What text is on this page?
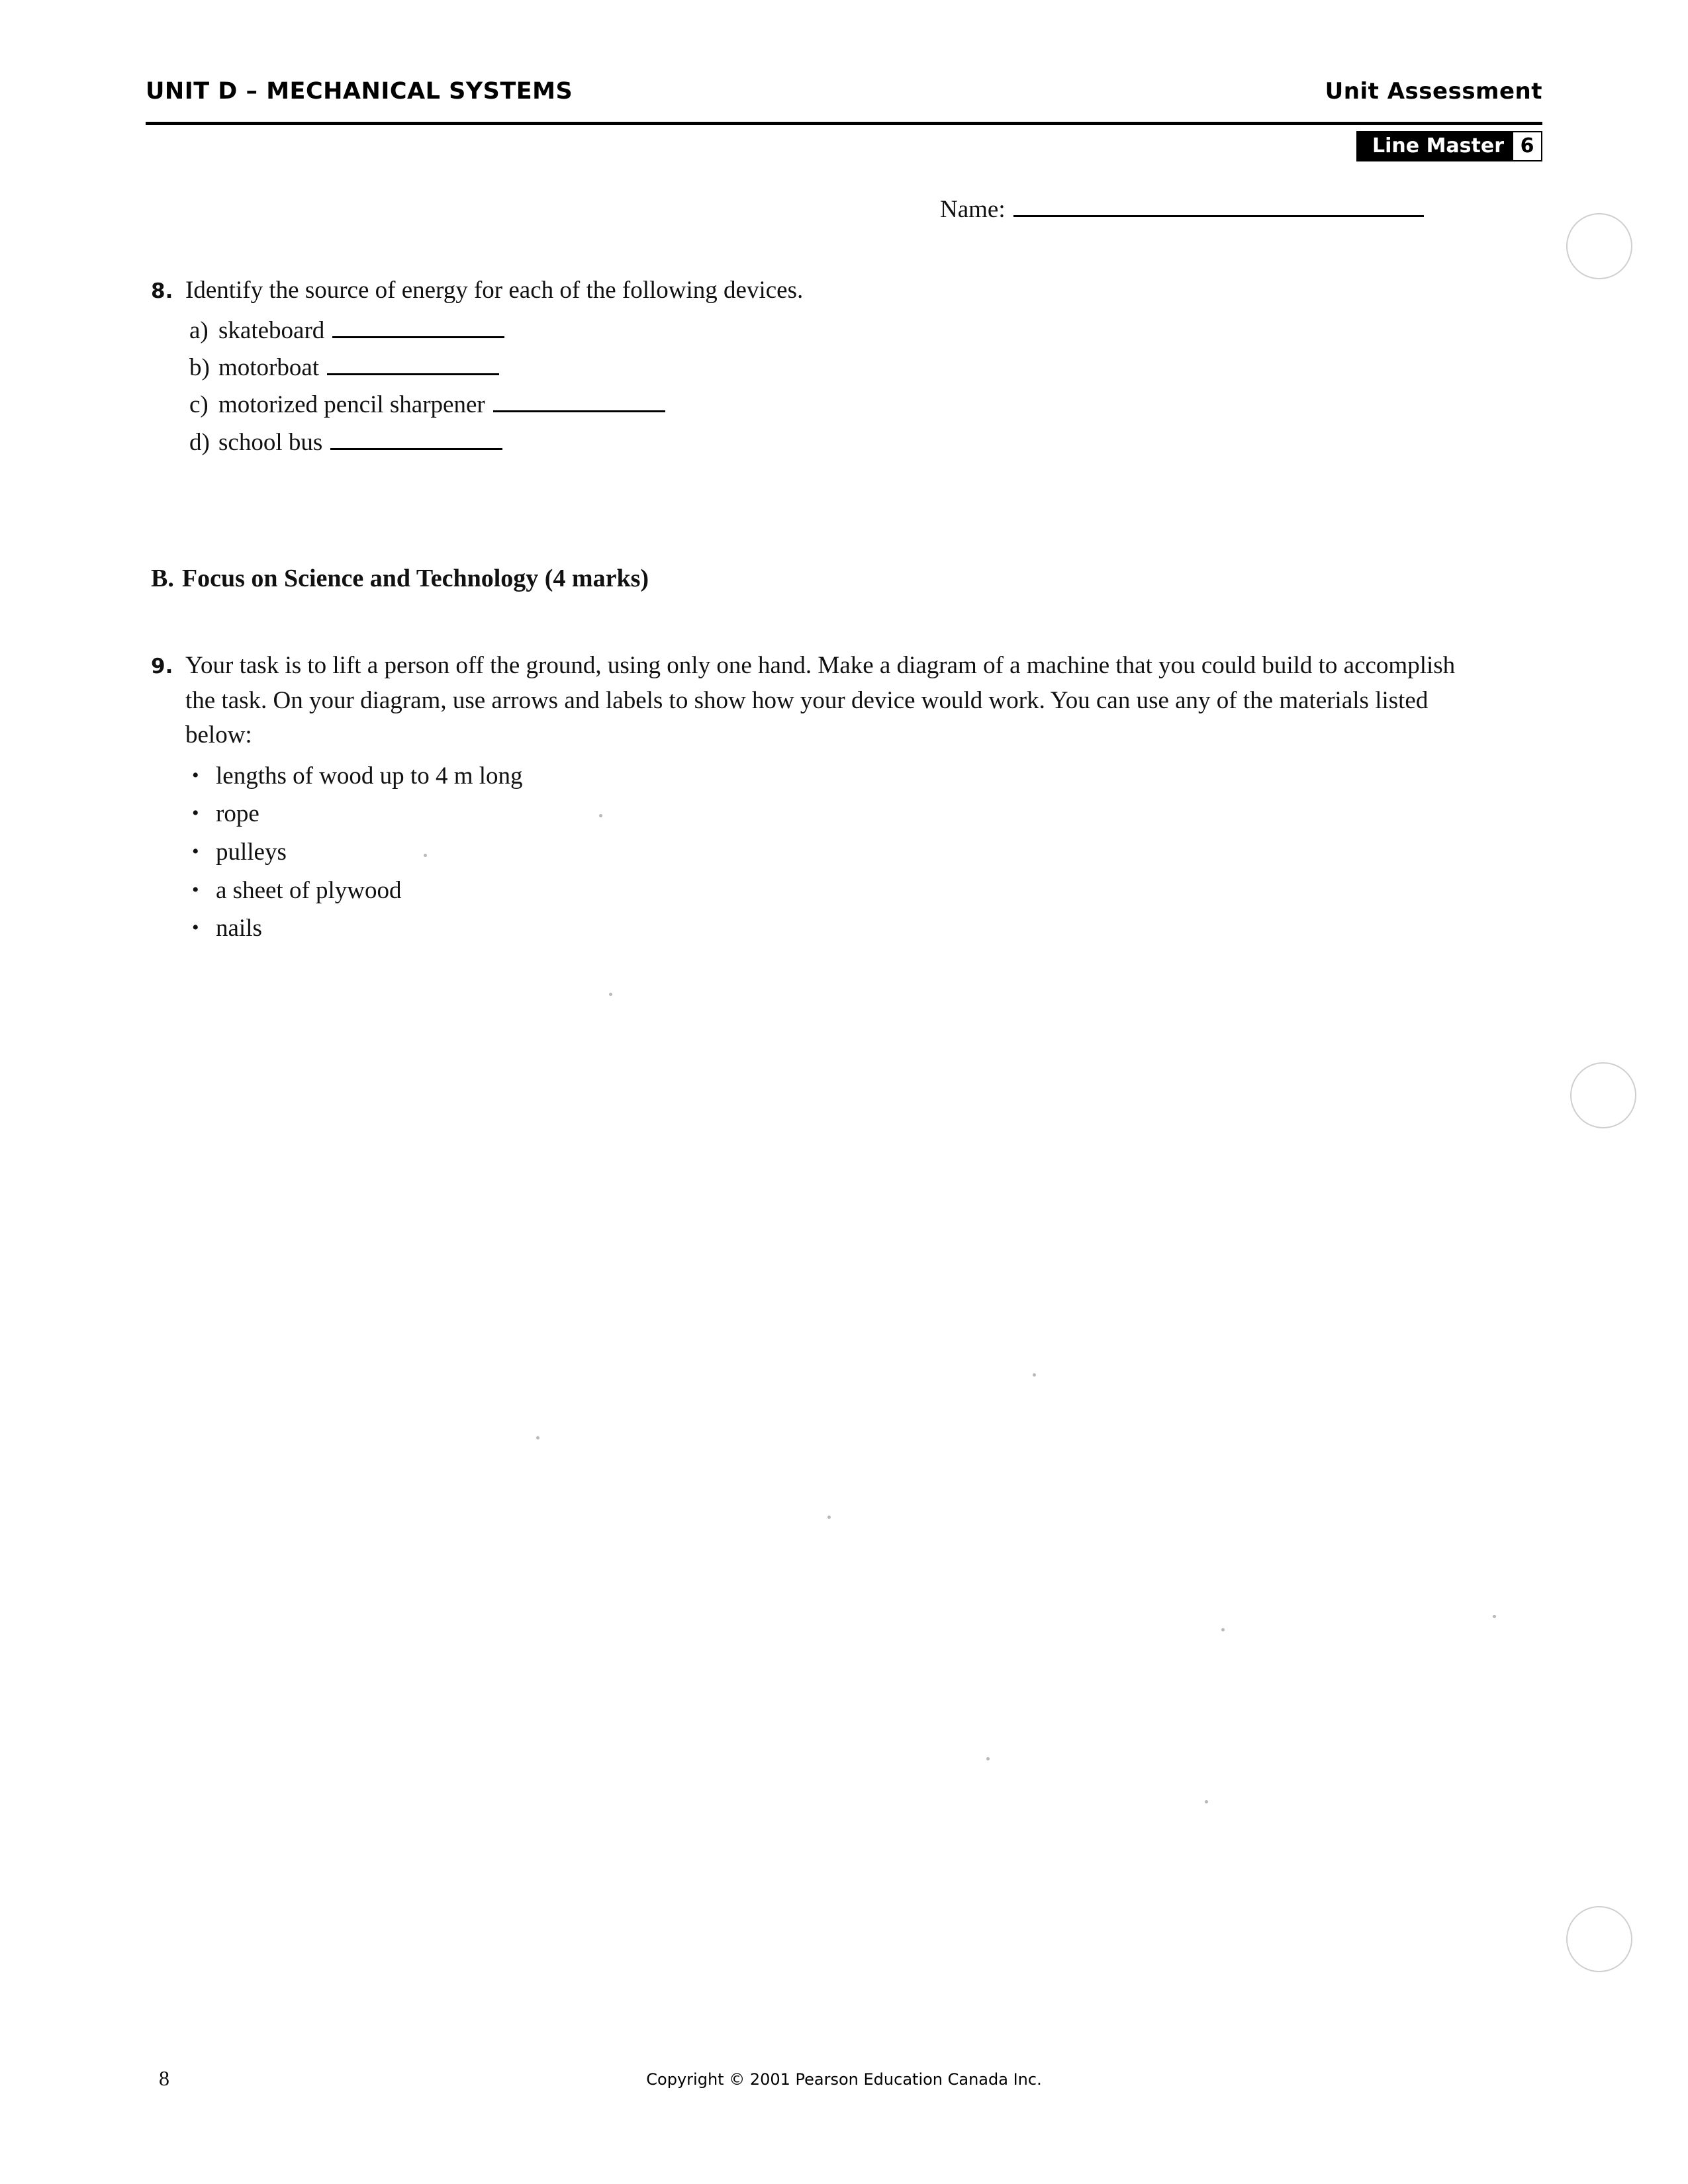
UNIT D – MECHANICAL SYSTEMS	Unit Assessment
Line Master 6
Name:
8. Identify the source of energy for each of the following devices.
a) skateboard
b) motorboat
c) motorized pencil sharpener
d) school bus
B. Focus on Science and Technology (4 marks)
9. Your task is to lift a person off the ground, using only one hand. Make a diagram of a machine that you could build to accomplish the task. On your diagram, use arrows and labels to show how your device would work. You can use any of the materials listed below:
• lengths of wood up to 4 m long
• rope
• pulleys
• a sheet of plywood
• nails
8	Copyright © 2001 Pearson Education Canada Inc.
